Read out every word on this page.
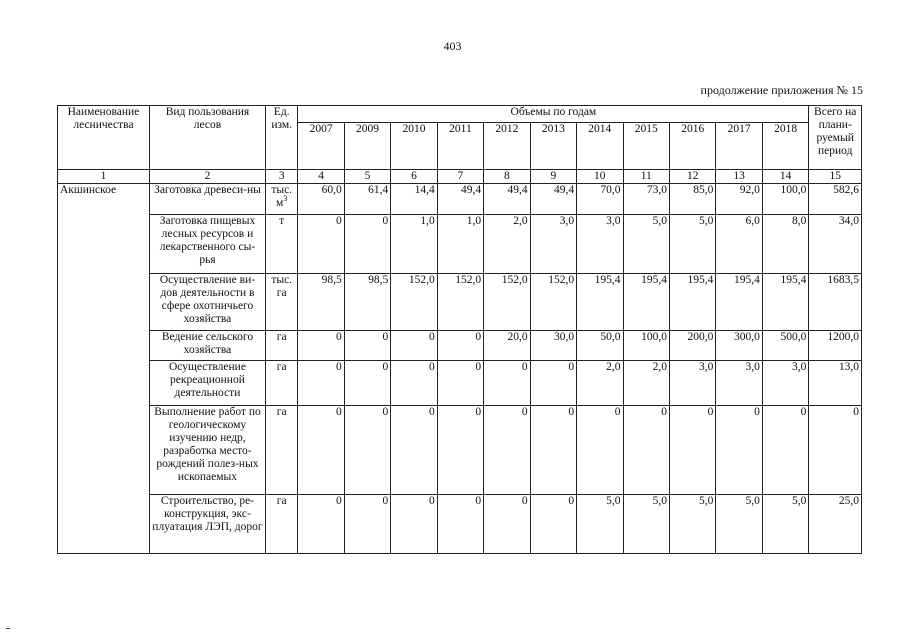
403
продолжение приложения № 15
Наименование лесничества	Вид пользования лесов	Ед. изм.	Объемы по годам											Всего на плани-руемый период
			2007	2009	2010	2011	2012	2013	2014	2015	2016	2017	2018	
1	2	3	4	5	6	7	8	9	10	11	12	13	14	15
Акшинское	Заготовка древеси-ны	тыс. $м^3$	60,0	61,4	14,4	49,4	49,4	49,4	70,0	73,0	85,0	92,0	100,0	582,6
	Заготовка пищевых лесных ресурсов и лекарственного сы-рья	т	0	0	1,0	1,0	2,0	3,0	3,0	5,0	5,0	6,0	8,0	34,0
	Осуществление ви-дов деятельности в сфере охотничьего хозяйства	тыс. га	98,5	98,5	152,0	152,0	152,0	152,0	195,4	195,4	195,4	195,4	195,4	1683,5
	Ведение сельского хозяйства	га	0	0	0	0	20,0	30,0	50,0	100,0	200,0	300,0	500,0	1200,0
	Осуществление рекреационной деятельности	га	0	0	0	0	0	0	2,0	2,0	3,0	3,0	3,0	13,0
	Выполнение работ по геологическому изучению недр, разработка место-рождений полез-ных ископаемых	га	0	0	0	0	0	0	0	0	0	0	0	0
	Строительство, ре-конструкция, экс-плуатация ЛЭП, дорог	га	0	0	0	0	0	0	5,0	5,0	5,0	5,0	5,0	25,0
